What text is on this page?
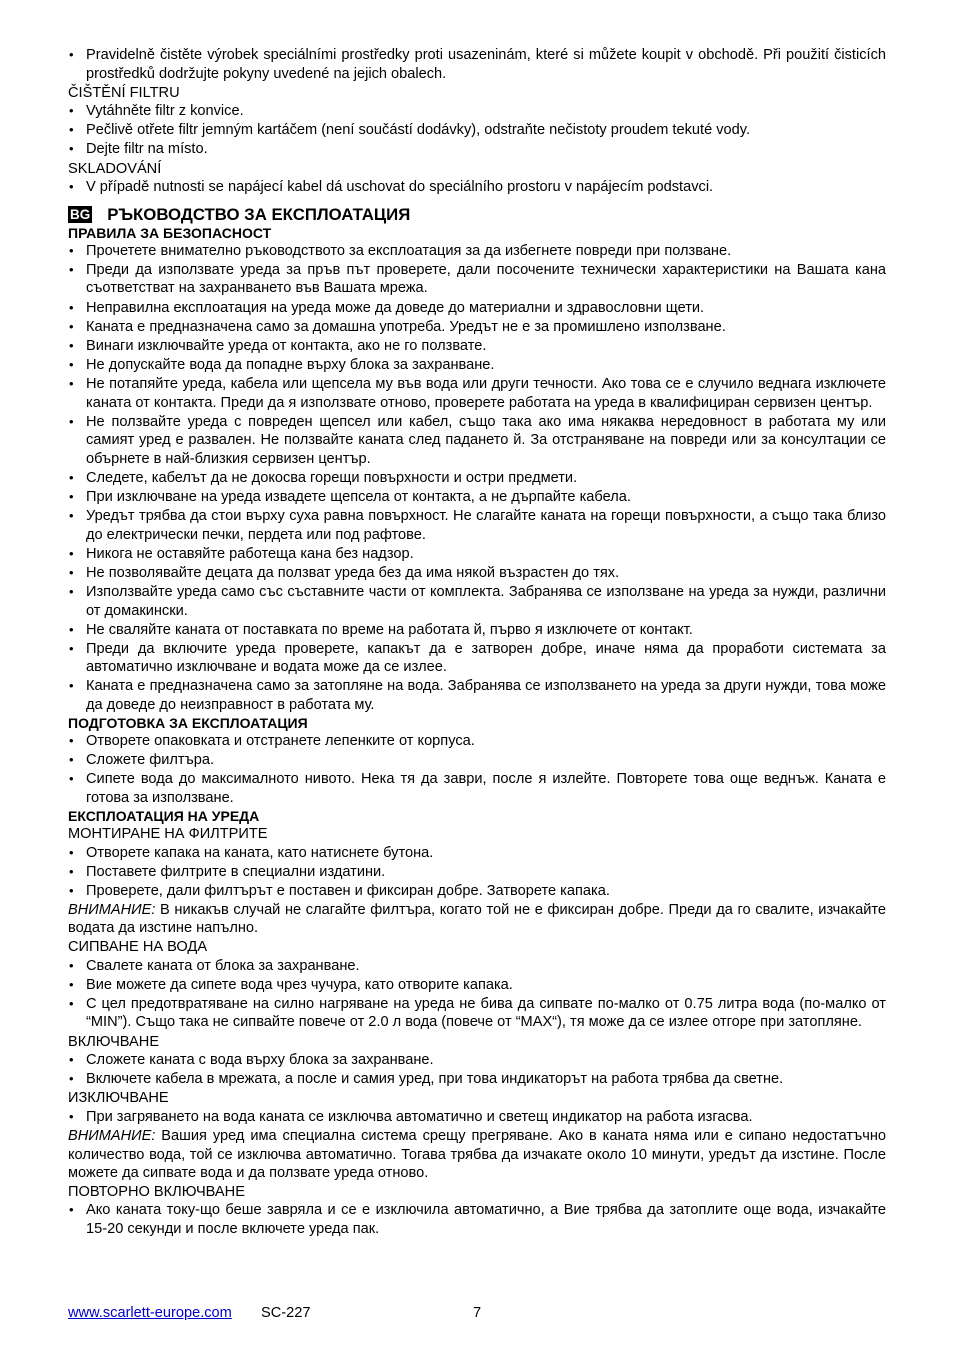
• Pravidelně čistěte výrobek speciálními prostředky proti usazeninám, které si můžete koupit v obchodě. Při použití čisticích prostředků dodržujte pokyny uvedené na jejich obalech.

ČIŠTĚNÍ FILTRU

• Vytáhněte filtr z konvice.
• Pečlivě otřete filtr jemným kartáčem (není součástí dodávky), odstraňte nečistoty proudem tekuté vody.
• Dejte filtr na místo.

SKLADOVÁNÍ

• V případě nutnosti se napájecí kabel dá uschovat do speciálního prostoru v napájecím podstavci.
BG РЪКОВОДСТВО ЗА ЕКСПЛОАТАЦИЯ

ПРАВИЛА ЗА БЕЗОПАСНОСТ

• Прочетете внимателно ръководството за експлоатация за да избегнете повреди при ползване.
• Преди да използвате уреда за пръв път проверете, дали посочените технически характеристики на Вашата кана съответстват на захранването във Вашата мрежа.
• Неправилна експлоатация на уреда може да доведе до материални и здравословни щети.
• Каната е предназначена само за домашна употреба. Уредът не е за промишлено използване.
• Винаги изключвайте уреда от контакта, ако не го ползвате.
• Не допускайте вода да попадне върху блока за захранване.
• Не потапяйте уреда, кабела или щепсела му във вода или други течности. Ако това се е случило веднага изключете каната от контакта. Преди да я използвате отново, проверете работата на уреда в квалифициран сервизен център.
• Не ползвайте уреда с повреден щепсел или кабел, също така ако има някаква нередовност в работата му или самият уред е развален. Не ползвайте каната след падането й. За отстраняване на повреди или за консултации се обърнете в най-близкия сервизен център.
• Следете, кабелът да не докосва горещи повърхности и остри предмети.
• При изключване на уреда извадете щепсела от контакта, а не дърпайте кабела.
• Уредът трябва да стои върху суха равна повърхност. Не слагайте каната на горещи повърхности, а също така близо до електрически печки, пердета или под рафтове.
• Никога не оставяйте работеща кана без надзор.
• Не позволявайте децата да ползват уреда без да има някой възрастен до тях.
• Използвайте уреда само със съставните части от комплекта. Забранява се използване на уреда за нужди, различни от домакински.
• Не сваляйте каната от поставката по време на работата й, първо я изключете от контакт.
• Преди да включите уреда проверете, капакът да е затворен добре, иначе няма да проработи системата за автоматично изключване и водата може да се излее.
• Каната е предназначена само за затопляне на вода. Забранява се използването на уреда за други нужди, това може да доведе до неизправност в работата му.

ПОДГОТОВКА ЗА ЕКСПЛОАТАЦИЯ

• Отворете опаковката и отстранете лепенките от корпуса.
• Сложете филтъра.
• Сипете вода до максималното нивото. Нека тя да заври, после я излейте. Повторете това още веднъж. Каната е готова за използване.

ЕКСПЛОАТАЦИЯ НА УРЕДА

МОНТИРАНЕ НА ФИЛТРИТЕ

• Отворете капака на каната, като натиснете бутона.
• Поставете филтрите в специални издатини.
• Проверете, дали филтърът е поставен и фиксиран добре. Затворете капака.

ВНИМАНИЕ: В никакъв случай не слагайте филтъра, когато той не е фиксиран добре. Преди да го свалите, изчакайте водата да изстине напълно.

СИПВАНЕ НА ВОДА

• Свалете каната от блока за захранване.
• Вие можете да сипете вода чрез чучура, като отворите капака.
• С цел предотвратяване на силно нагряване на уреда не бива да сипвате по-малко от 0.75 литра вода (по-малко от “MIN”). Също така не сипвайте повече от 2.0 л вода (повече от “MAX“), тя може да се излее отгоре при затопляне.

ВКЛЮЧВАНЕ

• Сложете каната с вода върху блока за захранване.
• Включете кабела в мрежата, а после и самия уред, при това индикаторът на работа трябва да светне.

ИЗКЛЮЧВАНЕ

• При загряването на вода каната се изключва автоматично и светещ индикатор на работа изгасва.

ВНИМАНИЕ: Вашия уред има специална система срещу прегряване. Ако в каната няма или е сипано недостатъчно количество вода, той се изключва автоматично. Тогава трябва да изчакате около 10 минути, уредът да изстине. После можете да сипвате вода и да ползвате уреда отново.

ПОВТОРНО ВКЛЮЧВАНЕ

• Ако каната току-що беше завряла и се е изключила автоматично, а Вие трябва да затоплите още вода, изчакайте 15-20 секунди и после включете уреда пак.
www.scarlett-europe.com SC-227	7
